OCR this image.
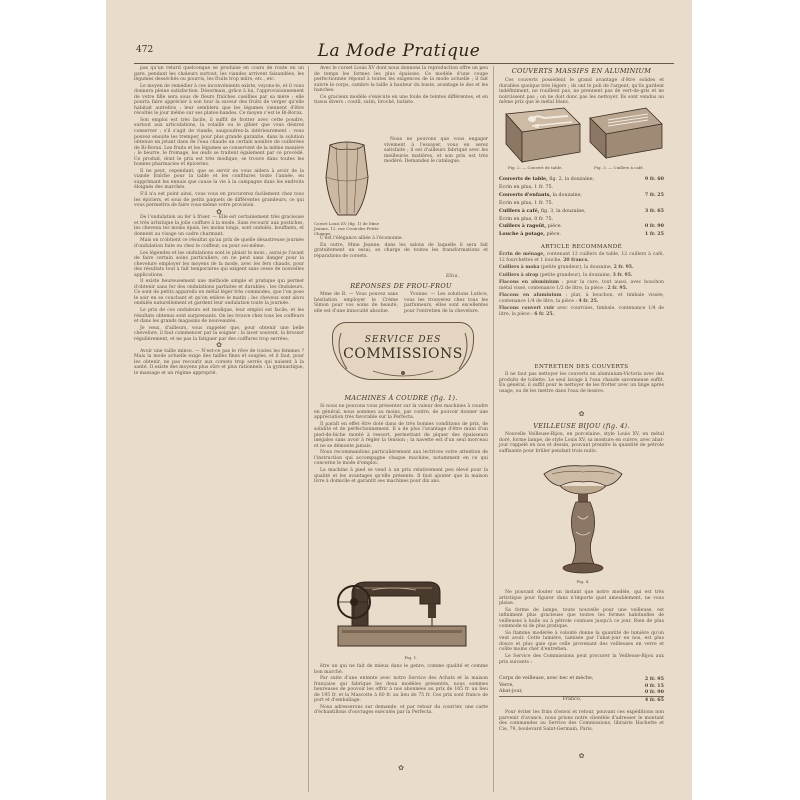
472	La Mode Pratique

pas qu'un retard quelconque se produise en cours de route en un gare, pendant les chaleurs surtout, les viandes arrivent faisandées, les légumes desséchés ou pourris, les fruits trop mûrs, etc., etc.

Le moyen de remédier à ces inconvénients existe, voyons-le, et il vous donnera pleine satisfaction. Désormais, grâce à lui, l'approvisionnement de votre fille sera sous de fleurs fraîches cueillies par sa mère ; elle pourra faire apprécier à son tour la saveur des fruits de verger qu'elle habitait autrefois ; leur semblera que les légumes viennent d'être récoltés le jour même sur ses plates-bandes. Ce moyen c'est le Bi-Borax.

Son emploi est très facile, il suffit de frotter avec cette poudre, surtout aux articulations, la volaille ou le gibier que vous désirez conserver ; s'il s'agit de viande, saupoudrez-la intérieurement : vous pouvez ensuite les tremper, pour plus grande garantie, dans la solution obtenue en jetant dans de l'eau chaude un certain nombre de cuillerées de Bi-Borax. Les fruits et les légumes se conservent de la même manière ; le beurre, le fromage, les œufs se traitent également par ce procédé. Ce produit, dont le prix est très modique, se trouve dans toutes les bonnes pharmacies et épiceries.

Il ne peut, cependant, que se servir en vous aidera à avoir de la viande fraîche pour la table et les confitures toute l'année, en supprimant les ennuis que cause la vie à la campagne dans les endroits éloignés des marchés.

S'il n'a est point ainsi, vous vous en procurerez facilement chez tous les épiciers, et sous de petits paquets de différentes grandeurs, ce qui vous permettra de faire vous-même votre provision.

✿

De l'ondulation au fer à friser. — Elle est certainement très gracieuse et très artistique la jolie coiffure à la mode. Sans recourir aux postiches, les cheveux les moins épais, les moins longs, sont ondulés, bouffants, et donnent au visage un cadre charmant.

Mais on n'obtient ce résultat qu'au prix de quelle désastreuse journée d'ondulation faite ou chez le coiffeur, ou pour soi-même.

Les légendes et les ondulations sont le plaisir le mois ; aurai-je l'avant de faire certain soins particuliers, on ne peut sans danger pour la chevelure employer les moyens de la mode, avec les fers chauds, pour des résultats tout à fait temporaires qui exigent sans cesse de nouvelles applications.

Il existe heureusement une méthode simple et pratique qui permet d'obtenir sans fer des ondulations parfaites et durables : les Onduleurs. Ce sont de petits appareils en métal léger très commodes, que l'on pose le soir en se couchant et qu'on enlève le matin ; les cheveux sont alors ondulés naturellement et gardent leur ondulation toute la journée.

Le prix de ces onduleurs est modique, leur emploi est facile, et les résultats obtenus sont surprenants. On les trouve chez tous les coiffeurs et dans les grands magasins de nouveautés.

Je veux, d'ailleurs, vous rappeler que, pour obtenir une belle chevelure, il faut commencer par la soigner : la laver souvent, la brosser régulièrement, et ne pas la fatiguer par des coiffures trop serrées.

✿

Avoir une taille mince. — N'est-ce pas le rêve de toutes les femmes ? Mais la mode actuelle exige des tailles fines et souples, et il faut, pour les obtenir, ne pas recourir aux corsets trop serrés qui nuisent à la santé. Il existe des moyens plus sûrs et plus rationnels : la gymnastique, le massage et un régime approprié.

Avec le corset Louis XV dont nous donnons la reproduction offre un peu de temps les formes les plus épaisses. Ce modèle d'une coupe perfectionnée répond à toutes les exigences de la mode actuelle ; il fait suivre le corps, cambre la taille à hauteur du buste, avantage le dos et les hanches.

Ce gracieux modèle s'exécute en une foule de teintes différentes, et en tissus divers : coutil, satin, broché, batiste.

Corset Louis XV (fig. 1) de Mme Jeanne, 12, rue Croix-des-Petits-Champs.

Nous ne pouvons que vous engager vivement à l'essayer, vous en serez satisfaite ; il est d'ailleurs fabriqué avec les meilleures matières, et son prix est très modéré. Demandez le catalogue.

C'est l'élégance alliée à l'économie.

En outre, Mme Jeanne, dans les salons de laquelle il sera fait gratuitement un essai, se charge de toutes les transformations et réparations de corsets.

Eliza.
RÉPONSES DE FROU-FROU

Mme de B. — Vous pouvez sans hésitation employer le Crème Simon pour vos soins de beauté, elle est d'une innocuité absolue.

Yvonne. — Les solutions Lutèce, vous les trouverez chez tous les parfumeurs, elles sont excellentes pour l'entretien de la chevelure.

SERVICE DES
COMMISSIONS
MACHINES À COUDRE (fig. 1).

Si nous ne pouvons vous présenter sur la valeur des machines à coudre en général, nous sommes au moins, par contre, de pouvoir donner une appréciation très favorable sur la Perfecta.

Il paraît en effet être doté dans de très bonnes conditions de prix, de solidité et de perfectionnement. Il a de plus l'avantage d'être muni d'un pied-de-biche monté à ressort, permettant de piquer des épaisseurs inégales sans avoir à régler la tension ; la navette est d'un seul morceau et ne se démonte jamais.

Nous recommandons particulièrement aux lectrices votre attention de l'instruction qui accompagne chaque machine, notamment en ce qui concerne le mode d'emploi.

La machine à pied se vend à un prix relativement peu élevé pour la qualité et les avantages qu'elle présente. Il faut ajouter que la maison livre à domicile et garantit ses machines pour dix ans.

Fig. 1.

être un qui ne fait de mieux dans le genre, comme qualité et comme bon marché.

Par suite d'une entente avec notre Service des Achats et la maison française qui fabrique les deux modèles présentés, nous sommes heureuses de pouvoir les offrir à nos abonnées au prix de 165 fr. au lieu de 195 fr. et la Mascotte à 60 fr. au lieu de 75 fr. Ces prix sont franco de port et d'emballage.

Nous adresserons sur demande, et par retour du courrier, une carte d'échantillons d'ouvrages exécutés par la Perfecta.

✿
COUVERTS MASSIFS EN ALUMINIUM

Ces couverts possèdent le grand avantage d'être solides et durables quoique très légers ; ils ont le poli de l'argent, qu'ils gardent indéfiniment, ne rouillent pas, ne prennent pas de vert-de-gris et ne noircissent pas ; on ne doit donc pas les nettoyer. Ils sont vendus au même prix que le métal blanc.

Fig. 2. — Couvert de table.	Fig. 3. — Cuillers à café.
Couverts de table, fig. 2, la douzaine,	9 fr. 60
Écrin en plus, 1 fr. 75.
Couverts d'enfants, la douzaine,	7 fr. 25
Écrin en plus, 1 fr. 75.
Cuillers à café, fig. 3, la douzaine,	3 fr. 65
Écrin en plus, 0 fr. 75.
Cuillers à ragoût, pièce.	0 fr. 90
Louche à potage, pièce.	1 fr. 25
ARTICLE RECOMMANDÉ
Écrin de ménage, contenant 12 cuillers de table, 12 cuillers à café, 12 fourchettes et 1 louche, 20 francs.
Cuillers à moka (petite grandeur), la douzaine, 2 fr. 95.
Cuillers à sirop (petite grandeur), la douzaine, 3 fr. 95.
Flacons en aluminium : pour la cure, tout aussi, avec bouchon métal vissé, contenance 1/2 de litre, la pièce : 2 fr. 95.
Flacons en aluminium : plat, à bouchon, et timbale vissée, contenance 1/4 de litre, la pièce : 4 fr. 25.
Flacons couvert cuir avec courroies, timbale, contenance 1/4 de litre, la pièce : 6 fr. 25.
ENTRETIEN DES COUVERTS

Il ne faut pas nettoyer les couverts en aluminium-Victoria avec des produits de toilette. Le seul lavage à l'eau chaude savonneuse suffit. En général, il suffit pour le nettoyer de les frotter avec un linge après usage, ou de les mettre dans l'eau de lessive.

✿
VEILLEUSE BIJOU (fig. 4).

Nouvelle Veilleuse-Bijou, en porcelaine, style Louis XV, en métal doré, forme lampe, de style Louis XV, sa monture en cuivre, avec abat-jour rappelé en nos et dessin, pouvant prendre la quantité de pétrole suffisante pour brûler pendant trois nuits.

Fig. 4.

Ne pouvant douter un instant que notre modèle, qui est très artistique pour figurer dans n'importe quel ameublement, ne vous plaise.

Sa forme de lampe, toute nouvelle pour une veilleuse, est infiniment plus gracieuse que toutes les formes habituelles de veilleuses à huile ou à pétrole connues jusqu'à ce jour. Rien de plus commode ni de plus pratique.

Sa flamme modérée à volonté donne la quantité de lumière qu'on veut avoir. Cette lumière, tamisée par l'abat-jour en nos, est plus douce et plus gaie que celle provenant des veilleuses en verre et coûte moins cher d'entretien.

Le Service des Commissions peut procurer la Veilleuse-Bijou aux prix suivants :

Corps de veilleuse, avec bec et mèche,	2 fr. 95
Verre,	0 fr. 15
Abat-jour,	0 fr. 90
Franco,	4 fr. 65

Pour éviter les frais d'envoi et retour, pouvant ces expéditions non parvenir d'avance, nous prions notre clientèle d'adresser le montant des commandes au Service des Commissions, librairie Hachette et Cie, 79, boulevard Saint-Germain, Paris.

✿
